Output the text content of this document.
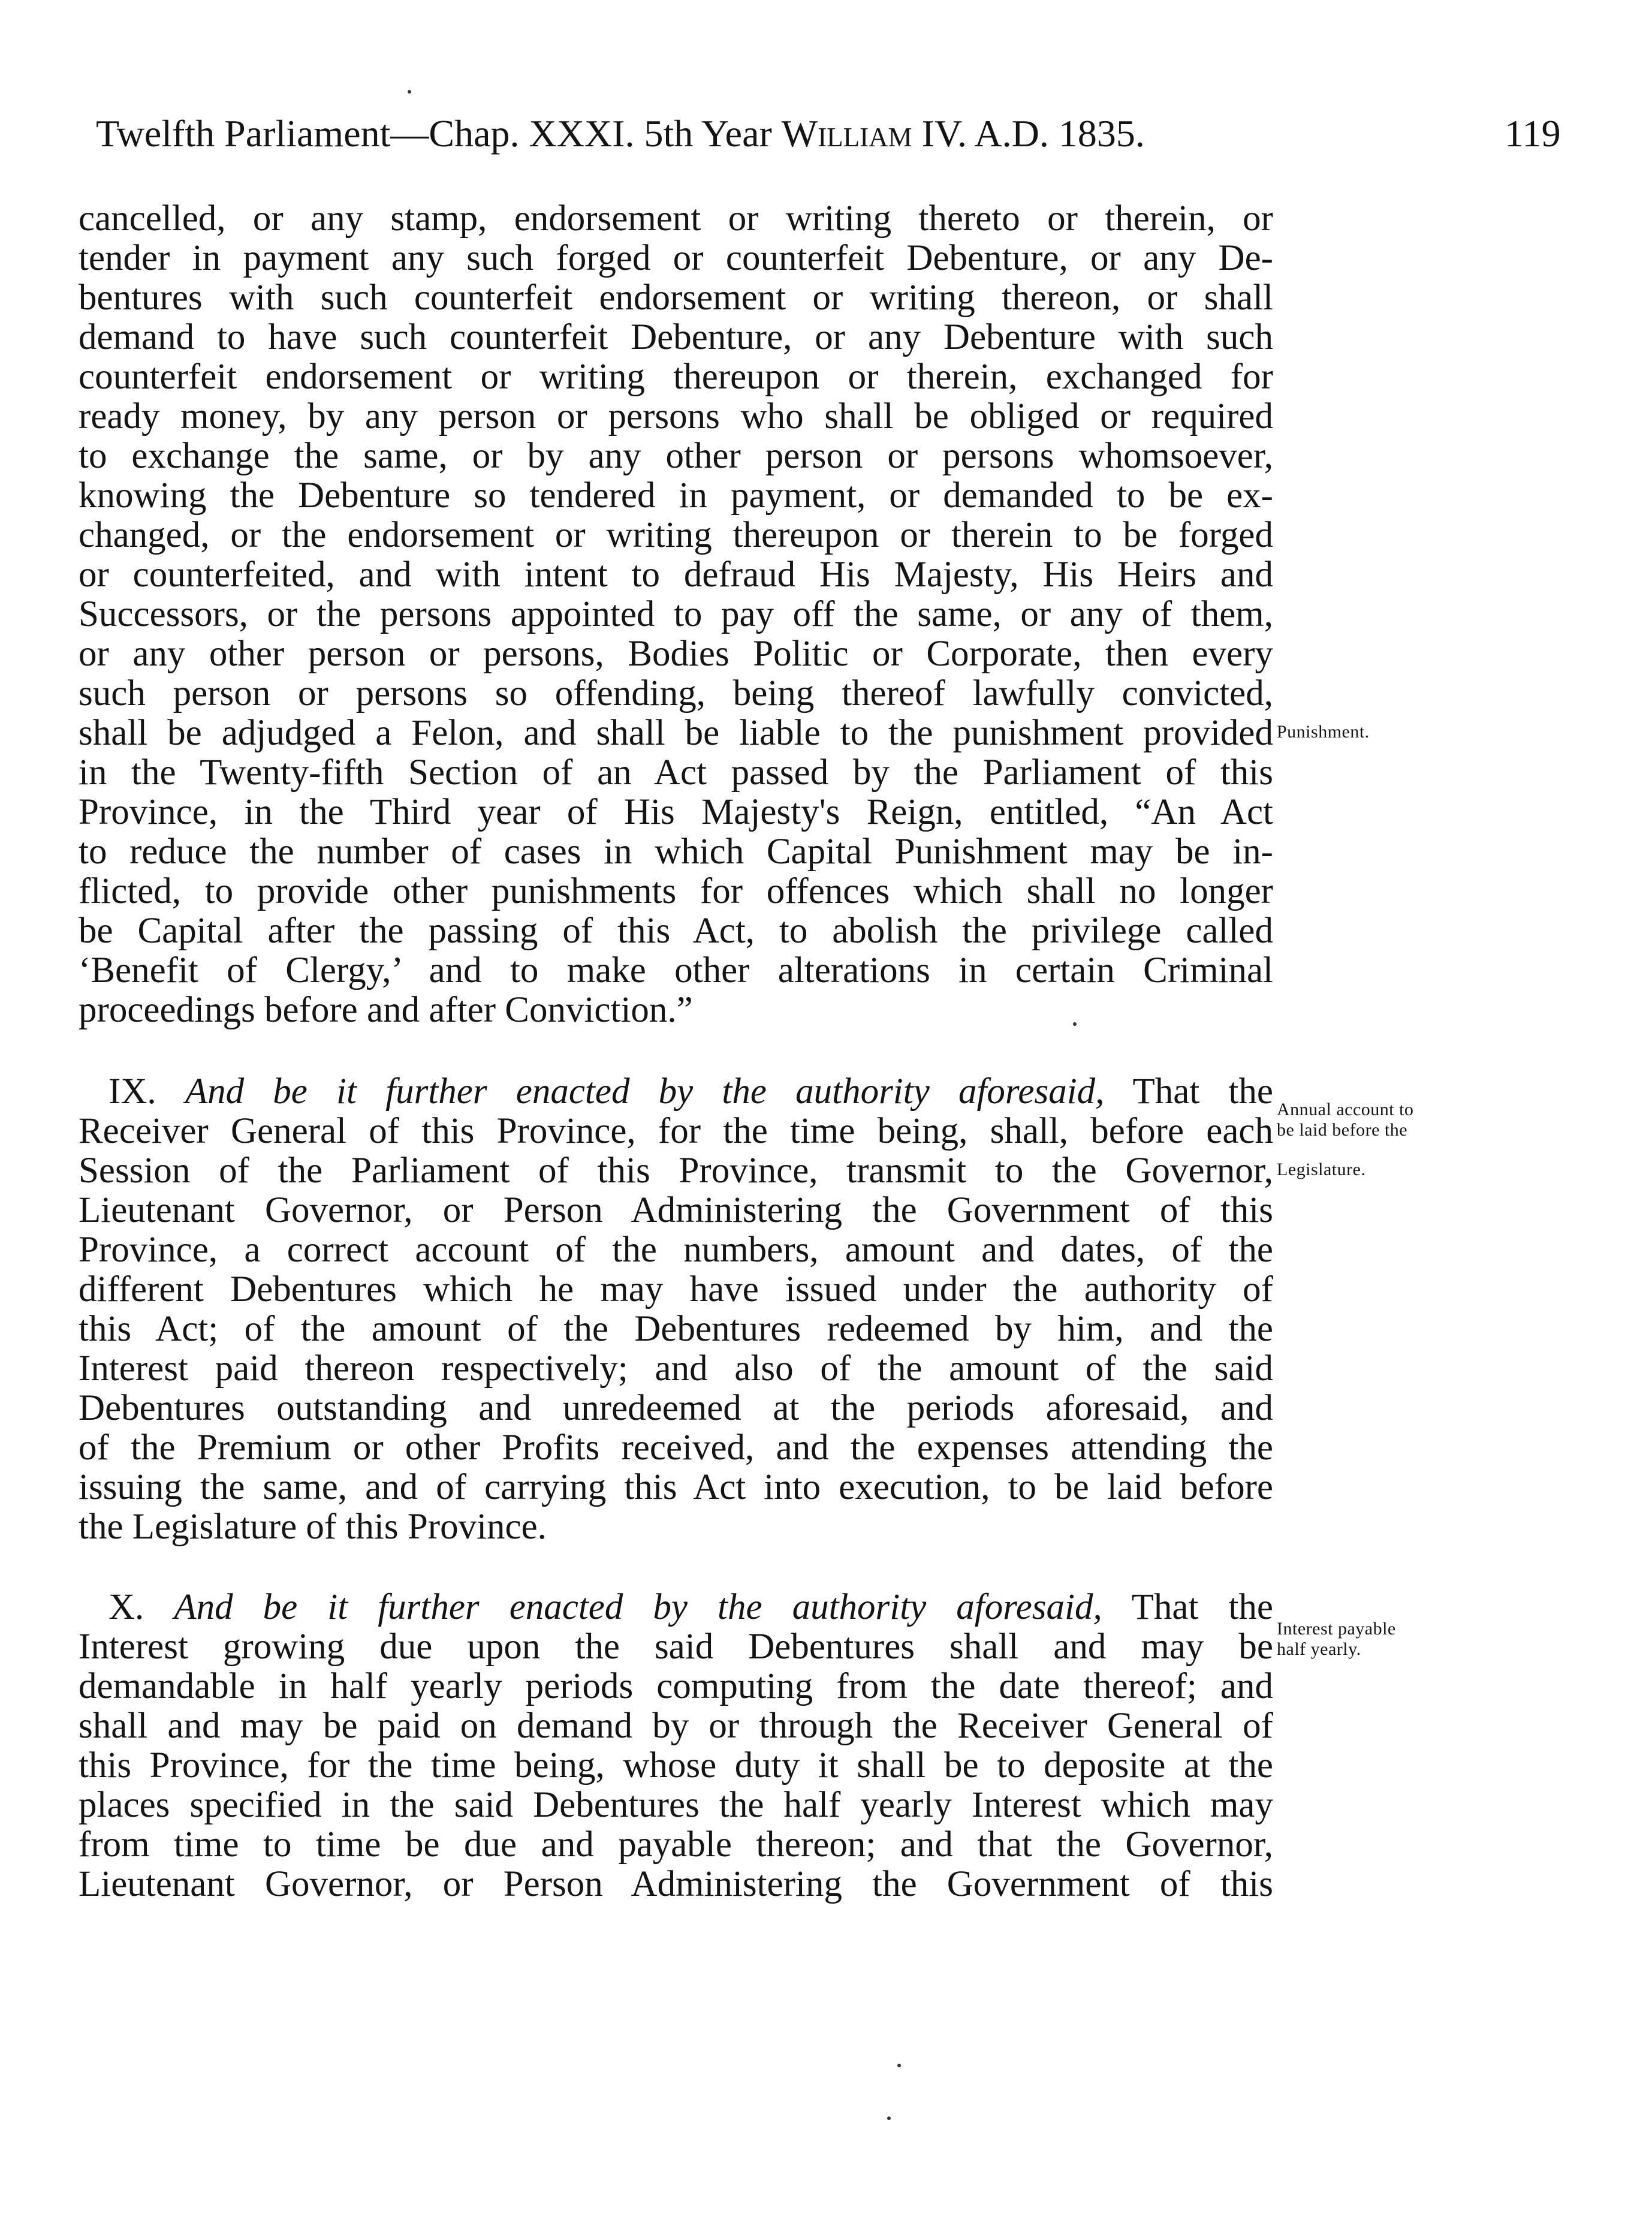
Twelfth Parliament—Chap. XXXI. 5th Year William IV. A.D. 1835.	119
cancelled, or any stamp, endorsement or writing thereto or therein, or
tender in payment any such forged or counterfeit Debenture, or any De-
bentures with such counterfeit endorsement or writing thereon, or shall
demand to have such counterfeit Debenture, or any Debenture with such
counterfeit endorsement or writing thereupon or therein, exchanged for
ready money, by any person or persons who shall be obliged or required
to exchange the same, or by any other person or persons whomsoever,
knowing the Debenture so tendered in payment, or demanded to be ex-
changed, or the endorsement or writing thereupon or therein to be forged
or counterfeited, and with intent to defraud His Majesty, His Heirs and
Successors, or the persons appointed to pay off the same, or any of them,
or any other person or persons, Bodies Politic or Corporate, then every
such person or persons so offending, being thereof lawfully convicted,
shall be adjudged a Felon, and shall be liable to the punishment provided
in the Twenty-fifth Section of an Act passed by the Parliament of this
Province, in the Third year of His Majesty's Reign, entitled, “An Act
to reduce the number of cases in which Capital Punishment may be in-
flicted, to provide other punishments for offences which shall no longer
be Capital after the passing of this Act, to abolish the privilege called
‘Benefit of Clergy,’ and to make other alterations in certain Criminal
proceedings before and after Conviction.”
Punishment.
IX. And be it further enacted by the authority aforesaid, That the
Receiver General of this Province, for the time being, shall, before each
Session of the Parliament of this Province, transmit to the Governor,
Lieutenant Governor, or Person Administering the Government of this
Province, a correct account of the numbers, amount and dates, of the
different Debentures which he may have issued under the authority of
this Act; of the amount of the Debentures redeemed by him, and the
Interest paid thereon respectively; and also of the amount of the said
Debentures outstanding and unredeemed at the periods aforesaid, and
of the Premium or other Profits received, and the expenses attending the
issuing the same, and of carrying this Act into execution, to be laid before
the Legislature of this Province.
Annual account to
be laid before the
Legislature.
X. And be it further enacted by the authority aforesaid, That the
Interest growing due upon the said Debentures shall and may be
demandable in half yearly periods computing from the date thereof; and
shall and may be paid on demand by or through the Receiver General of
this Province, for the time being, whose duty it shall be to deposite at the
places specified in the said Debentures the half yearly Interest which may
from time to time be due and payable thereon; and that the Governor,
Lieutenant Governor, or Person Administering the Government of this
Interest payable
half yearly.
